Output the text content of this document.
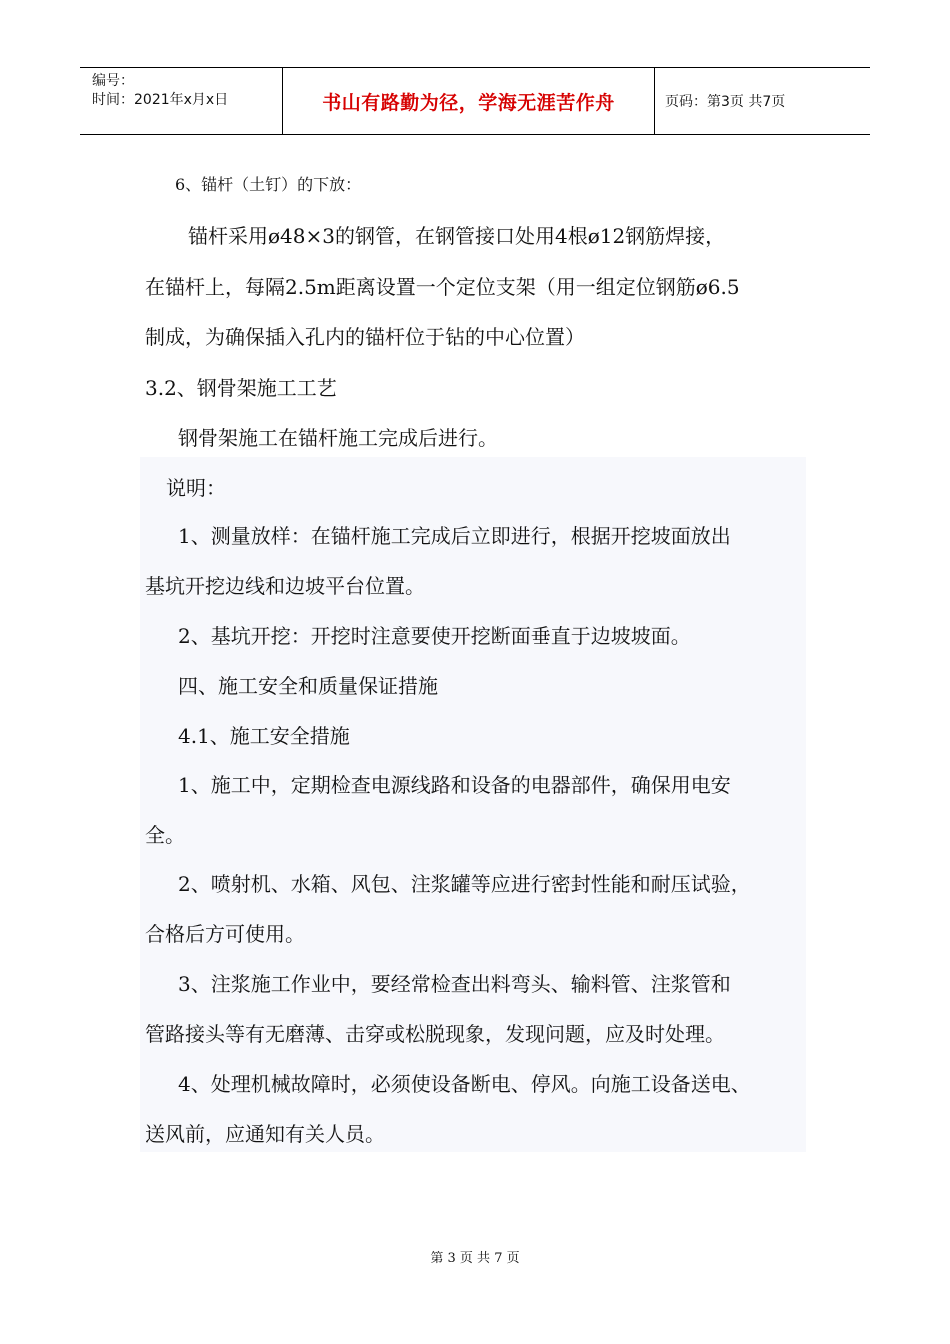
编号：
时间：2021年x月x日	书山有路勤为径，学海无涯苦作舟	页码：第3页 共7页
6、锚杆（土钉）的下放：
锚杆采用ø48×3的钢管，在钢管接口处用4根ø12钢筋焊接，
在锚杆上，每隔2.5m距离设置一个定位支架（用一组定位钢筋ø6.5
制成，为确保插入孔内的锚杆位于钻的中心位置）
3.2、钢骨架施工工艺
钢骨架施工在锚杆施工完成后进行。
说明：
1、测量放样：在锚杆施工完成后立即进行，根据开挖坡面放出
基坑开挖边线和边坡平台位置。
2、基坑开挖：开挖时注意要使开挖断面垂直于边坡坡面。
四、施工安全和质量保证措施
4.1、施工安全措施
1、施工中，定期检查电源线路和设备的电器部件，确保用电安
全。
2、喷射机、水箱、风包、注浆罐等应进行密封性能和耐压试验，
合格后方可使用。
3、注浆施工作业中，要经常检查出料弯头、输料管、注浆管和
管路接头等有无磨薄、击穿或松脱现象，发现问题，应及时处理。
4、处理机械故障时，必须使设备断电、停风。向施工设备送电、
送风前，应通知有关人员。
第 3 页 共 7 页
